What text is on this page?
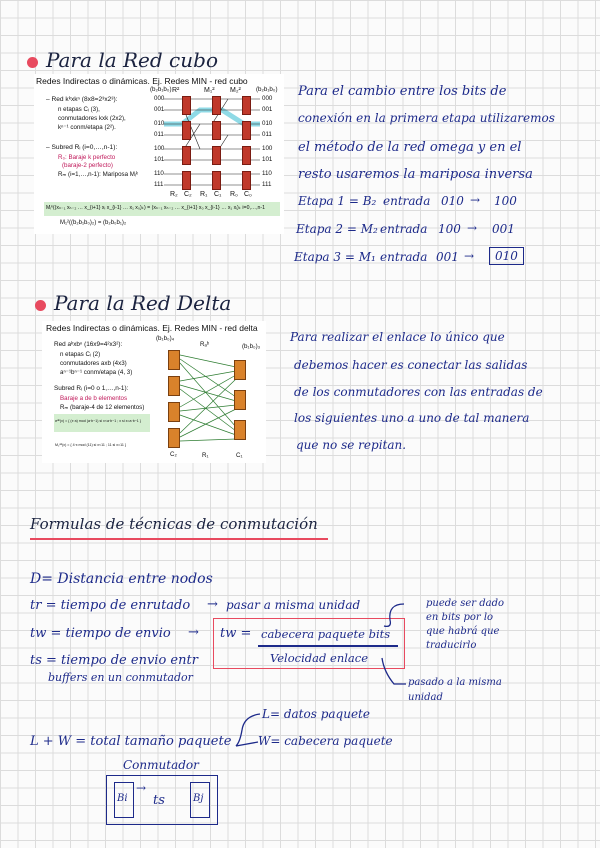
Para la Red cubo
Redes Indirectas o dinámicas. Ej. Redes MIN - red cubo
– Red kᵏxkⁿ (8x8=2³x2³):
n etapas Cᵢ (3),
conmutadores kxk (2x2),
kⁿ⁻¹ conm/etapa (2²).
– Subred Rᵢ (i=0,…,n-1):
R₀: Baraje k perfecto
(barajе-2 perfecto)
Rₘ (i=1,…,n-1): Mariposa Mᵢᵏ
(b₂b₁b₀)	(b₂b₁b₀)
R²	M₁² M₂²
000
001
010
011
100
101
110
111
000
001
010
011
100
101
110
111
R₂ C₂ R₁ C₁ R₀ C₀
Mᵢᵏ((xₙ₋₁ xₙ₋₂ … x_{i+1} xᵢ x_{i-1} … x₁ x₀)ₖ) = (xₙ₋₁ xₙ₋₂ … x_{i+1} x₀ x_{i-1} … x₁ xᵢ)ₖ i=0,…,n-1
M₁²((b₂b₁b₀)₂) = (b₂b₀b₁)₂
Para el cambio entre los bits de
conexión en la primera etapa utilizaremos
el método de la red omega y en el
resto usaremos la mariposa inversa
Etapa 1 = B₂ entrada 010 → 100
Etapa 2 = M₂ entrada 100 → 001
Etapa 3 = M₁ entrada 001 →	010
Para la Red Delta
Redes Indirectas o dinámicas. Ej. Redes MIN - red delta
Red aᵏxbⁿ (16x9=4²x3²):
n etapas Cᵢ (2)
conmutadores axb (4x3)
aⁿ⁻¹bⁿ⁻¹ conm/etapa (4, 3)
Subred Rᵢ (i=0 o 1,…,n-1):
Baraje a de b elementos
Rₘ (baraje-4 de 12 elementos)
σᵃᵇ(x) = { (x·a) mod (a·b−1) si x<a·b−1 ; x si x=a·b−1 }
M₂ᵃᵇ(x) = { 4·x mod (11) si x<11 ; 11 si x=11 }
(b₁b₀)₄
Rₐᵇ	(b₁b₀)₃
C₂	R₁	C₁
Para realizar el enlace lo único que
debemos hacer es conectar las salidas
de los conmutadores con las entradas de
los siguientes uno a uno de tal manera
que no se repitan.
Formulas de técnicas de conmutación
D= Distancia entre nodos
tr = tiempo de enrutado → pasar a misma unidad
tw = tiempo de envio → tw = cabecera paquete bits
Velocidad enlace
ts = tiempo de envio entr
buffers en un conmutador
puede ser dado
en bits por lo
que habrá que
traducirlo
pasado a la misma
unidad
L + W = total tamaño paquete
L= datos paquete
W= cabecera paquete
Conmutador
Bi	Bj
→
ts
